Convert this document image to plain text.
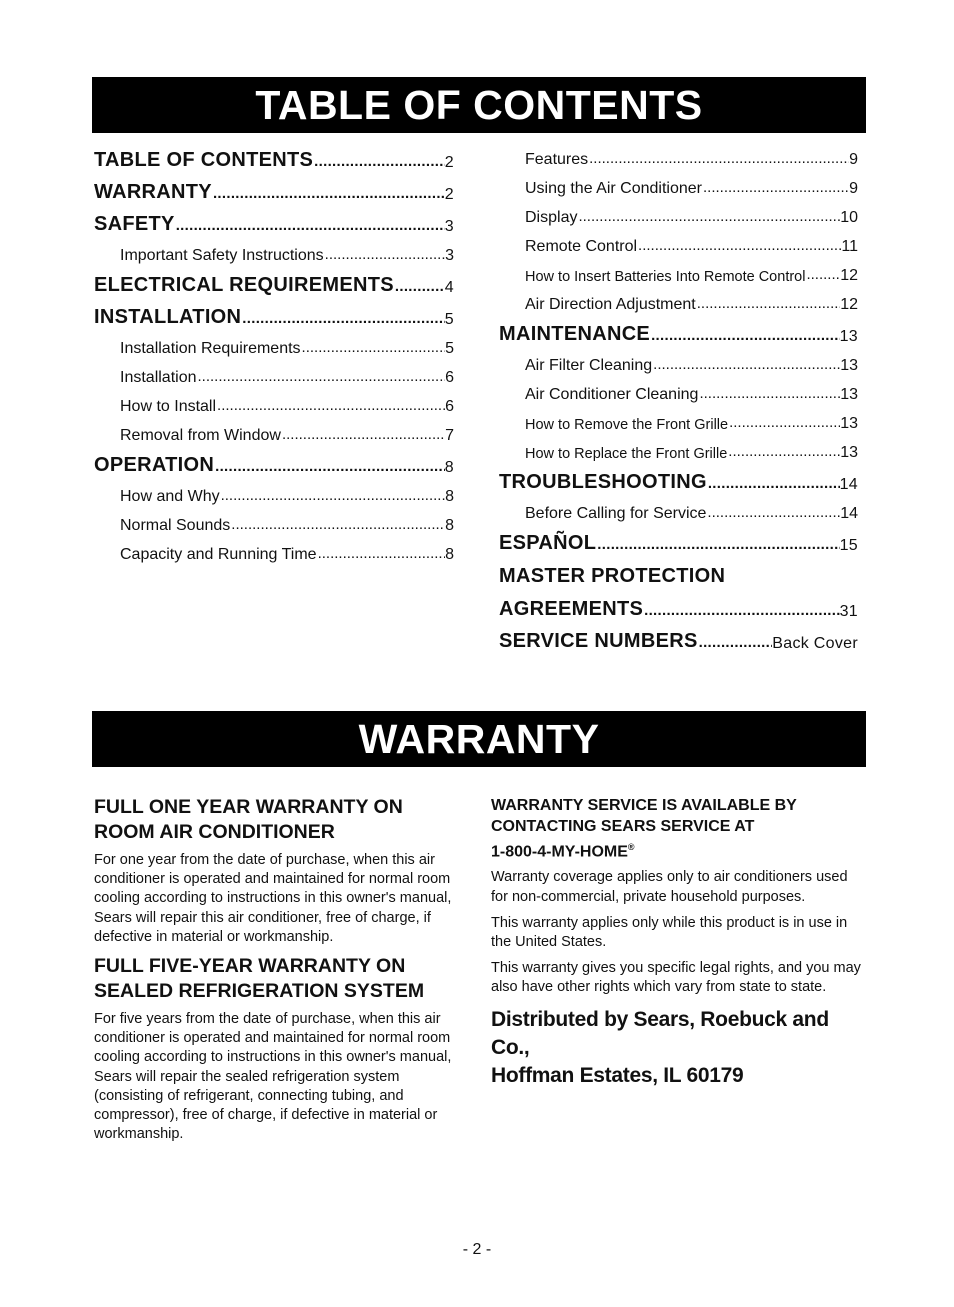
TABLE OF CONTENTS
TABLE OF CONTENTS .....	2
WARRANTY .....	2
SAFETY .....	3
Important Safety Instructions .....	3
ELECTRICAL REQUIREMENTS .....	4
INSTALLATION .....	5
Installation Requirements .....	5
Installation .....	6
How to Install .....	6
Removal from Window .....	7
OPERATION .....	8
How and Why .....	8
Normal Sounds .....	8
Capacity and Running Time .....	8
Features .....	9
Using the Air Conditioner .....	9
Display .....	10
Remote Control .....	11
How to Insert Batteries Into Remote Control ..... 12
Air Direction Adjustment .....	12
MAINTENANCE .....	13
Air Filter Cleaning .....	13
Air Conditioner Cleaning .....	13
How to Remove the Front Grille .....	13
How to Replace the Front Grille .....	13
TROUBLESHOOTING .....	14
Before Calling for Service .....	14
ESPAÑOL .....	15
MASTER PROTECTION
AGREEMENTS .....	31
SERVICE NUMBERS .....	Back Cover
WARRANTY
FULL ONE YEAR WARRANTY ON ROOM AIR CONDITIONER

For one year from the date of purchase, when this air conditioner is operated and maintained for normal room cooling according to instructions in this owner's manual, Sears will repair this air conditioner, free of charge, if defective in material or workmanship.

FULL FIVE-YEAR WARRANTY ON SEALED REFRIGERATION SYSTEM

For five years from the date of purchase, when this air conditioner is operated and maintained for normal room cooling according to instructions in this owner's manual, Sears will repair the sealed refrigeration system (consisting of refrigerant, connecting tubing, and compressor), free of charge, if defective in material or workmanship.

WARRANTY SERVICE IS AVAILABLE BY CONTACTING SEARS SERVICE AT
1-800-4-MY-HOME®

Warranty coverage applies only to air conditioners used for non-commercial, private household purposes.

This warranty applies only while this product is in use in the United States.

This warranty gives you specific legal rights, and you may also have other rights which vary from state to state.

Distributed by Sears, Roebuck and Co.,
Hoffman Estates, IL 60179
- 2 -
